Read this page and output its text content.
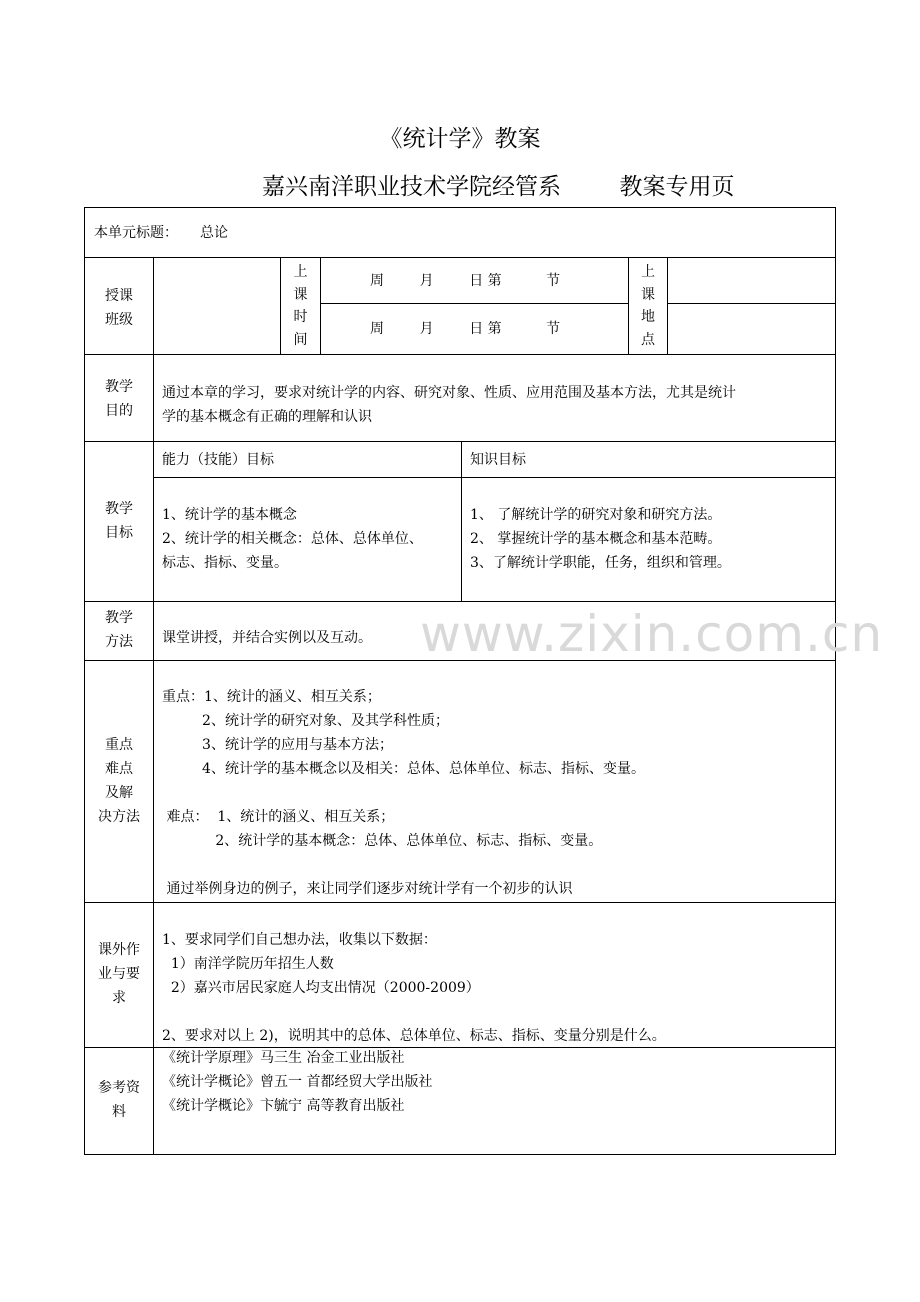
《统计学》教案
嘉兴南洋职业技术学院经管系        教案专用页
www.zixin.com.cn
本单元标题： 总论
授课
班级
上
课
时
间
周        月        日 第          节
周        月        日 第          节
上
课
地
点
教学
目的
通过本章的学习，要求对统计学的内容、研究对象、性质、应用范围及基本方法，尤其是统计
学的基本概念有正确的理解和认识
教学
目标
能力（技能）目标	知识目标
1、统计学的基本概念
2、统计学的相关概念：总体、总体单位、
标志、指标、变量。
1、 了解统计学的研究对象和研究方法。
2、 掌握统计学的基本概念和基本范畴。
3、了解统计学职能，任务，组织和管理。
教学
方法	课堂讲授，并结合实例以及互动。
重点
难点
及解
决方法
重点：1、统计的涵义、相互关系；
2、统计学的研究对象、及其学科性质；
3、统计学的应用与基本方法；
4、统计学的基本概念以及相关：总体、总体单位、标志、指标、变量。

难点：  1、统计的涵义、相互关系；
2、统计学的基本概念：总体、总体单位、标志、指标、变量。

通过举例身边的例子，来让同学们逐步对统计学有一个初步的认识
课外作
业与要
求
1、要求同学们自己想办法，收集以下数据：
1）南洋学院历年招生人数
2）嘉兴市居民家庭人均支出情况（2000-2009）

2、要求对以上 2)，说明其中的总体、总体单位、标志、指标、变量分别是什么。
参考资
料
《统计学原理》马三生 冶金工业出版社
《统计学概论》曾五一 首都经贸大学出版社
《统计学概论》卞毓宁 高等教育出版社
